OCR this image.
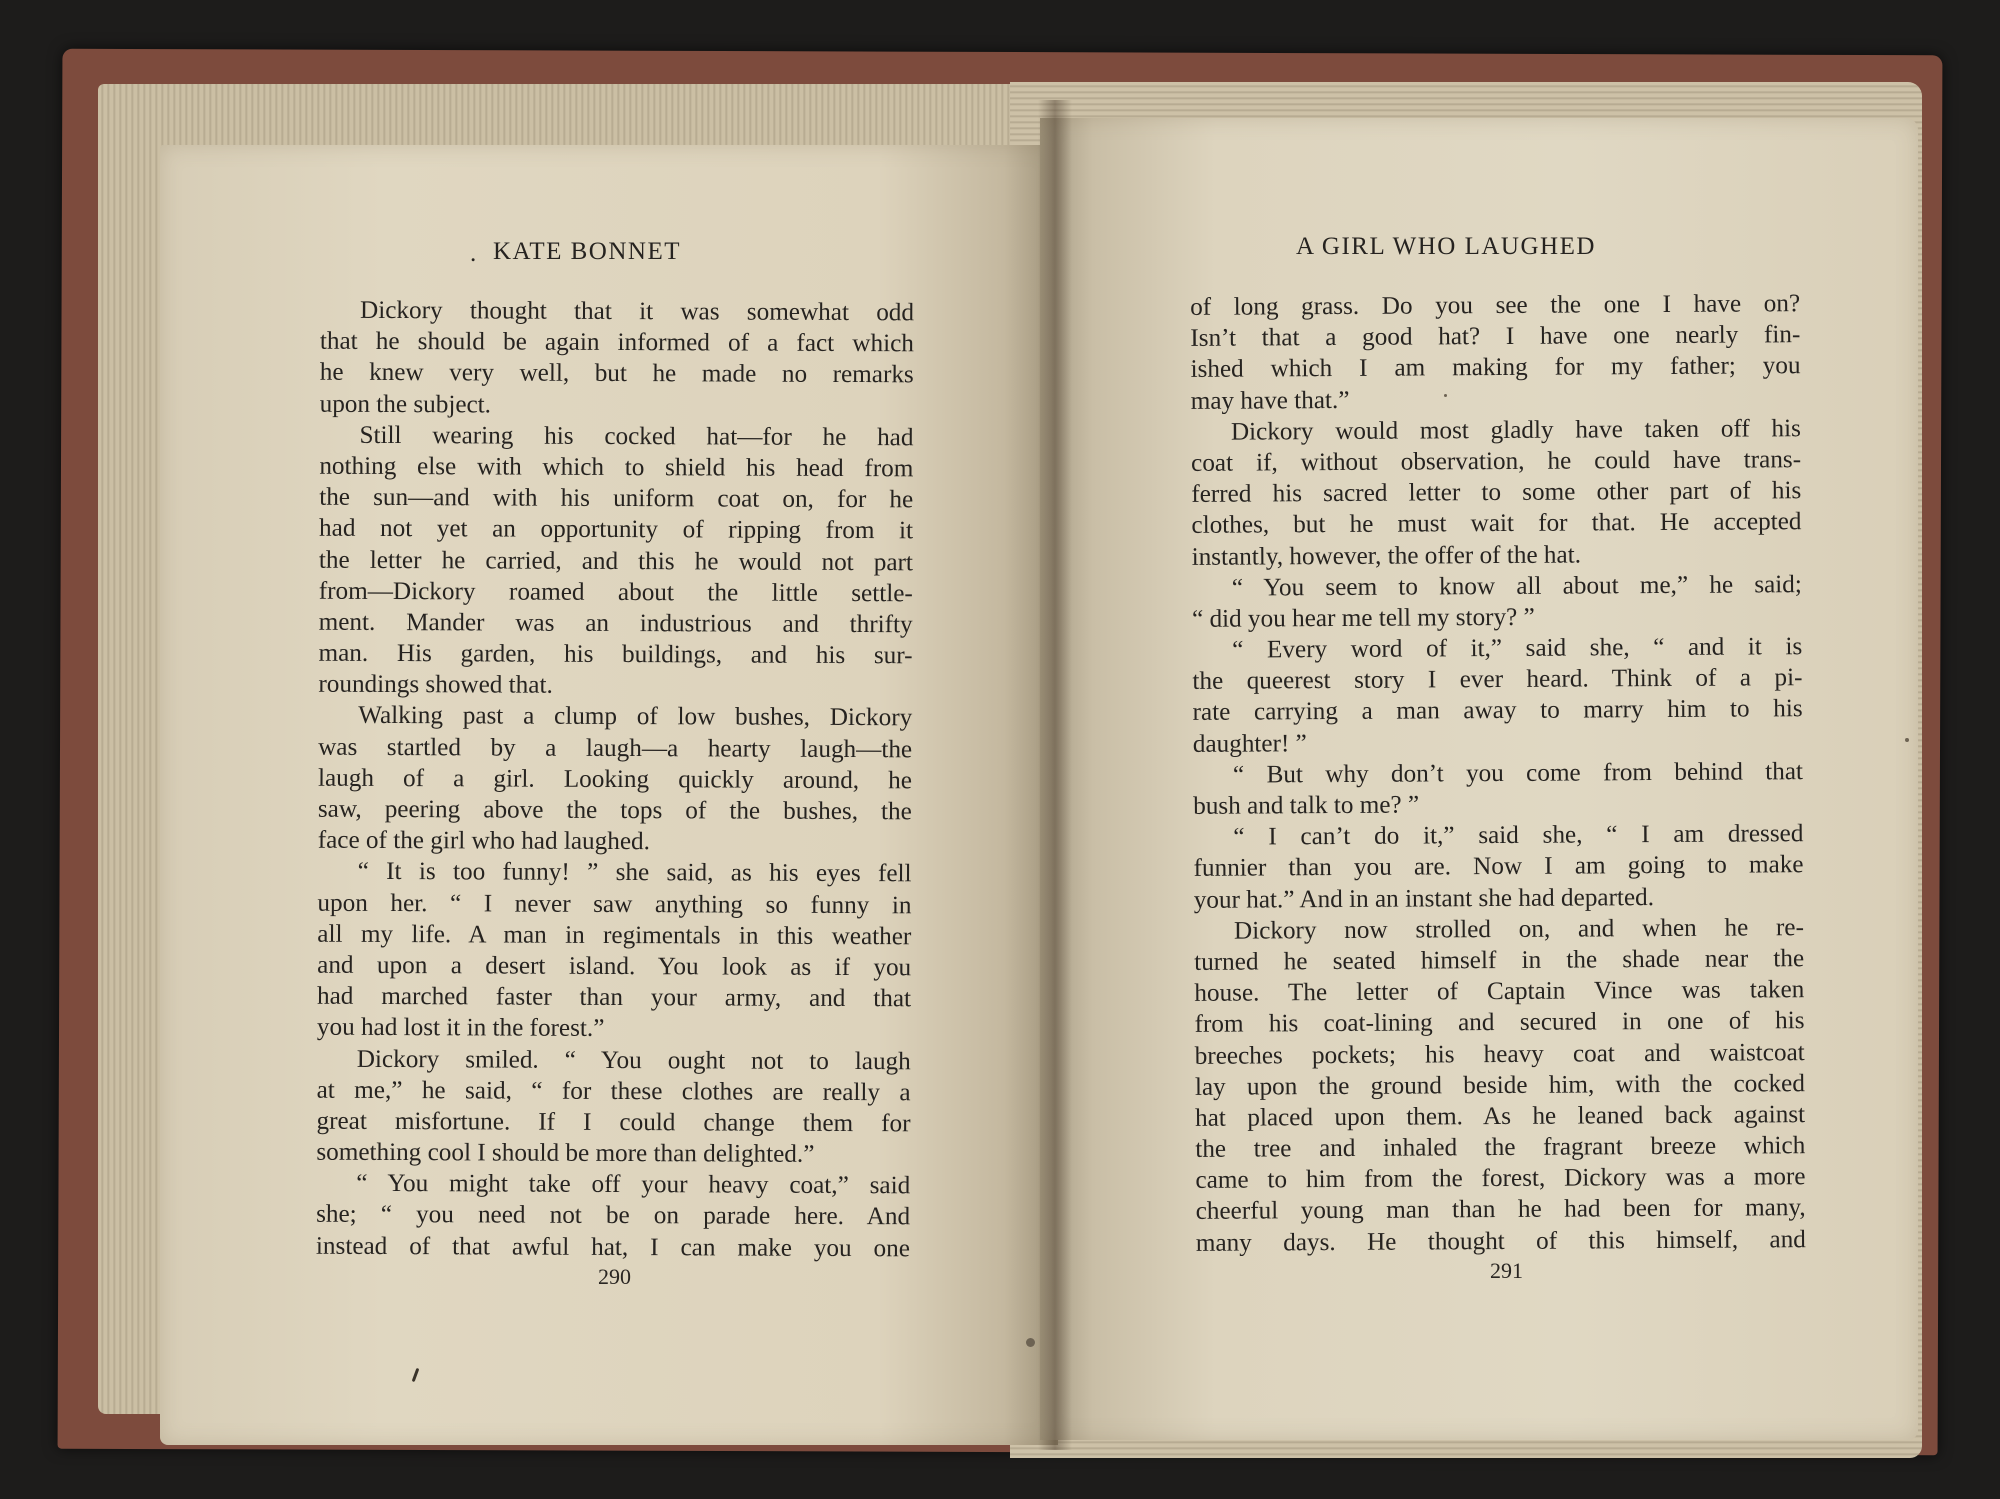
. KATE BONNET
Dickory thought that it was somewhat odd
that he should be again informed of a fact which
he knew very well, but he made no remarks
upon the subject.
Still wearing his cocked hat—for he had
nothing else with which to shield his head from
the sun—and with his uniform coat on, for he
had not yet an opportunity of ripping from it
the letter he carried, and this he would not part
from—Dickory roamed about the little settle-
ment. Mander was an industrious and thrifty
man. His garden, his buildings, and his sur-
roundings showed that.
Walking past a clump of low bushes, Dickory
was startled by a laugh—a hearty laugh—the
laugh of a girl. Looking quickly around, he
saw, peering above the tops of the bushes, the
face of the girl who had laughed.
“ It is too funny! ” she said, as his eyes fell
upon her. “ I never saw anything so funny in
all my life. A man in regimentals in this weather
and upon a desert island. You look as if you
had marched faster than your army, and that
you had lost it in the forest.”
Dickory smiled. “ You ought not to laugh
at me,” he said, “ for these clothes are really a
great misfortune. If I could change them for
something cool I should be more than delighted.”
“ You might take off your heavy coat,” said
she; “ you need not be on parade here. And
instead of that awful hat, I can make you one
290
A GIRL WHO LAUGHED
of long grass. Do you see the one I have on?
Isn’t that a good hat? I have one nearly fin-
ished which I am making for my father; you
may have that.”
Dickory would most gladly have taken off his
coat if, without observation, he could have trans-
ferred his sacred letter to some other part of his
clothes, but he must wait for that. He accepted
instantly, however, the offer of the hat.
“ You seem to know all about me,” he said;
“ did you hear me tell my story? ”
“ Every word of it,” said she, “ and it is
the queerest story I ever heard. Think of a pi-
rate carrying a man away to marry him to his
daughter! ”
“ But why don’t you come from behind that
bush and talk to me? ”
“ I can’t do it,” said she, “ I am dressed
funnier than you are. Now I am going to make
your hat.” And in an instant she had departed.
Dickory now strolled on, and when he re-
turned he seated himself in the shade near the
house. The letter of Captain Vince was taken
from his coat-lining and secured in one of his
breeches pockets; his heavy coat and waistcoat
lay upon the ground beside him, with the cocked
hat placed upon them. As he leaned back against
the tree and inhaled the fragrant breeze which
came to him from the forest, Dickory was a more
cheerful young man than he had been for many,
many days. He thought of this himself, and
291
